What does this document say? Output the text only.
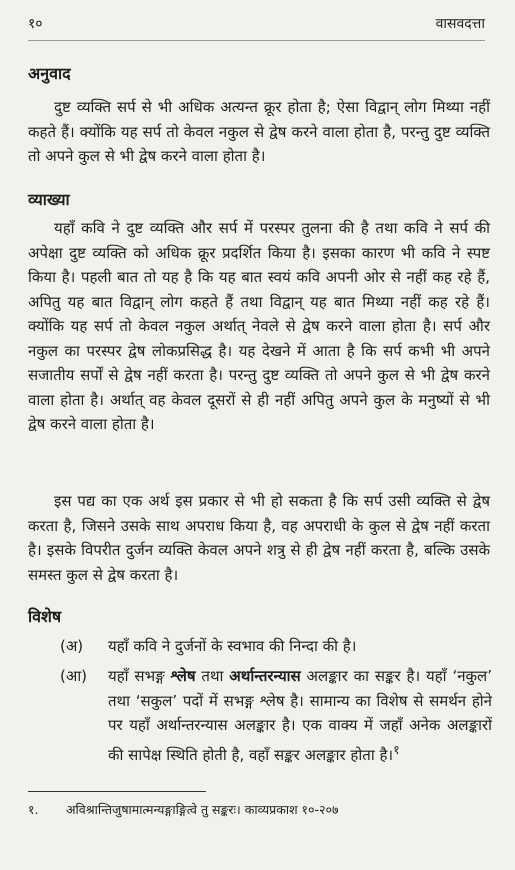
१०	वासवदत्ता
अनुवाद

दुष्ट व्यक्ति सर्प से भी अधिक अत्यन्त क्रूर होता है; ऐसा विद्वान् लोग मिथ्या नहीं कहते हैं। क्योंकि यह सर्प तो केवल नकुल से द्वेष करने वाला होता है, परन्तु दुष्ट व्यक्ति तो अपने कुल से भी द्वेष करने वाला होता है।

व्याख्या

यहाँ कवि ने दुष्ट व्यक्ति और सर्प में परस्पर तुलना की है तथा कवि ने सर्प की अपेक्षा दुष्ट व्यक्ति को अधिक क्रूर प्रदर्शित किया है। इसका कारण भी कवि ने स्पष्ट किया है। पहली बात तो यह है कि यह बात स्वयं कवि अपनी ओर से नहीं कह रहे हैं, अपितु यह बात विद्वान् लोग कहते हैं तथा विद्वान् यह बात मिथ्या नहीं कह रहे हैं। क्योंकि यह सर्प तो केवल नकुल अर्थात् नेवले से द्वेष करने वाला होता है। सर्प और नकुल का परस्पर द्वेष लोकप्रसिद्ध है। यह देखने में आता है कि सर्प कभी भी अपने सजातीय सर्पों से द्वेष नहीं करता है। परन्तु दुष्ट व्यक्ति तो अपने कुल से भी द्वेष करने वाला होता है। अर्थात् वह केवल दूसरों से ही नहीं अपितु अपने कुल के मनुष्यों से भी द्वेष करने वाला होता है।

इस पद्य का एक अर्थ इस प्रकार से भी हो सकता है कि सर्प उसी व्यक्ति से द्वेष करता है, जिसने उसके साथ अपराध किया है, वह अपराधी के कुल से द्वेष नहीं करता है। इसके विपरीत दुर्जन व्यक्ति केवल अपने शत्रु से ही द्वेष नहीं करता है, बल्कि उसके समस्त कुल से द्वेष करता है।

विशेष
(अ) यहाँ कवि ने दुर्जनों के स्वभाव की निन्दा की है।
(आ) यहाँ सभङ्ग श्लेष तथा अर्थान्तरन्यास अलङ्कार का सङ्कर है। यहाँ ‘नकुल’ तथा ‘सकुल’ पदों में सभङ्ग श्लेष है। सामान्य का विशेष से समर्थन होने पर यहाँ अर्थान्तरन्यास अलङ्कार है। एक वाक्य में जहाँ अनेक अलङ्कारों की सापेक्ष स्थिति होती है, वहाँ सङ्कर अलङ्कार होता है।$^१$
१. अविश्रान्तिजुषामात्मन्यङ्गाङ्गित्वे तु सङ्करः। काव्यप्रकाश १०-२०७
